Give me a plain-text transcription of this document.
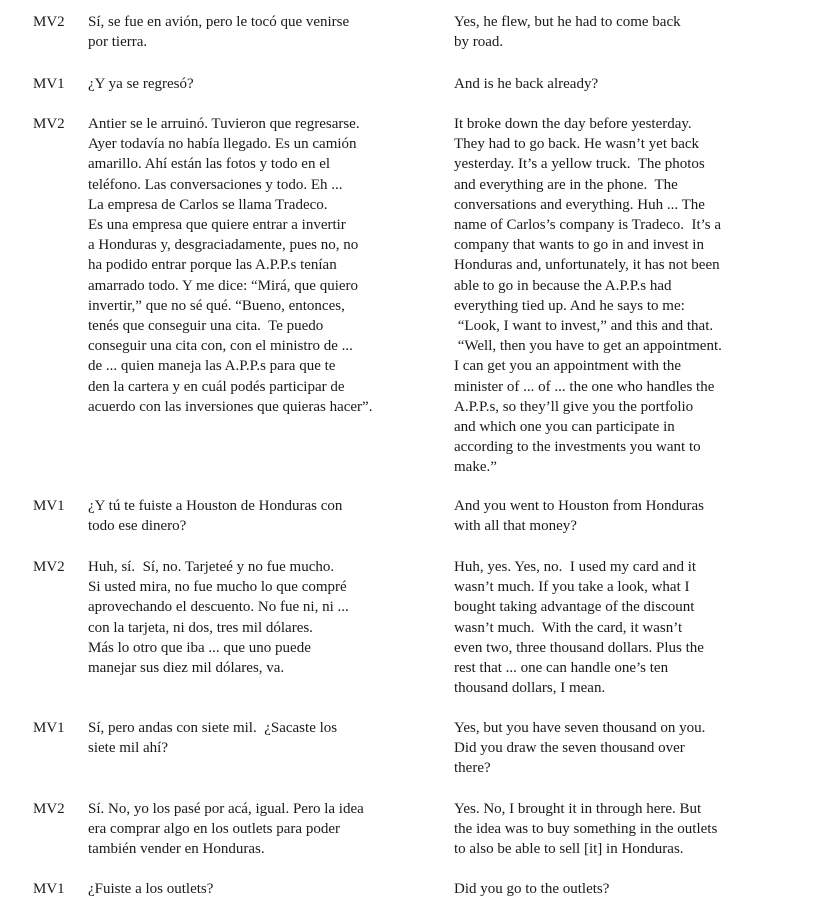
MV2 Sí, se fue en avión, pero le tocó que venirse
por tierra.
Yes, he flew, but he had to come back
by road.
MV1 ¿Y ya se regresó?	And is he back already?
MV2 Antier se le arruinó. Tuvieron que regresarse.
Ayer todavía no había llegado. Es un camión
amarillo. Ahí están las fotos y todo en el
teléfono. Las conversaciones y todo. Eh ...
La empresa de Carlos se llama Tradeco.
Es una empresa que quiere entrar a invertir
a Honduras y, desgraciadamente, pues no, no
ha podido entrar porque las A.P.P.s tenían
amarrado todo. Y me dice: “Mirá, que quiero
invertir,” que no sé qué. “Bueno, entonces,
tenés que conseguir una cita.  Te puedo
conseguir una cita con, con el ministro de ...
de ... quien maneja las A.P.P.s para que te
den la cartera y en cuál podés participar de
acuerdo con las inversiones que quieras hacer”.
It broke down the day before yesterday.
They had to go back. He wasn’t yet back
yesterday. It’s a yellow truck.  The photos
and everything are in the phone.  The
conversations and everything. Huh ... The
name of Carlos’s company is Tradeco.  It’s a
company that wants to go in and invest in
Honduras and, unfortunately, it has not been
able to go in because the A.P.P.s had
everything tied up. And he says to me:
“Look, I want to invest,” and this and that.
“Well, then you have to get an appointment.
I can get you an appointment with the
minister of ... of ... the one who handles the
A.P.P.s, so they’ll give you the portfolio
and which one you can participate in
according to the investments you want to
make.”
MV1 ¿Y tú te fuiste a Houston de Honduras con
todo ese dinero?
And you went to Houston from Honduras
with all that money?
MV2 Huh, sí.  Sí, no. Tarjeteé y no fue mucho.
Si usted mira, no fue mucho lo que compré
aprovechando el descuento. No fue ni, ni ...
con la tarjeta, ni dos, tres mil dólares.
Más lo otro que iba ... que uno puede
manejar sus diez mil dólares, va.
Huh, yes. Yes, no.  I used my card and it
wasn’t much. If you take a look, what I
bought taking advantage of the discount
wasn’t much.  With the card, it wasn’t
even two, three thousand dollars. Plus the
rest that ... one can handle one’s ten
thousand dollars, I mean.
MV1 Sí, pero andas con siete mil.  ¿Sacaste los
siete mil ahí?
Yes, but you have seven thousand on you.
Did you draw the seven thousand over
there?
MV2 Sí. No, yo los pasé por acá, igual. Pero la idea
era comprar algo en los outlets para poder
también vender en Honduras.
Yes. No, I brought it in through here. But
the idea was to buy something in the outlets
to also be able to sell [it] in Honduras.
MV1 ¿Fuiste a los outlets?	Did you go to the outlets?
